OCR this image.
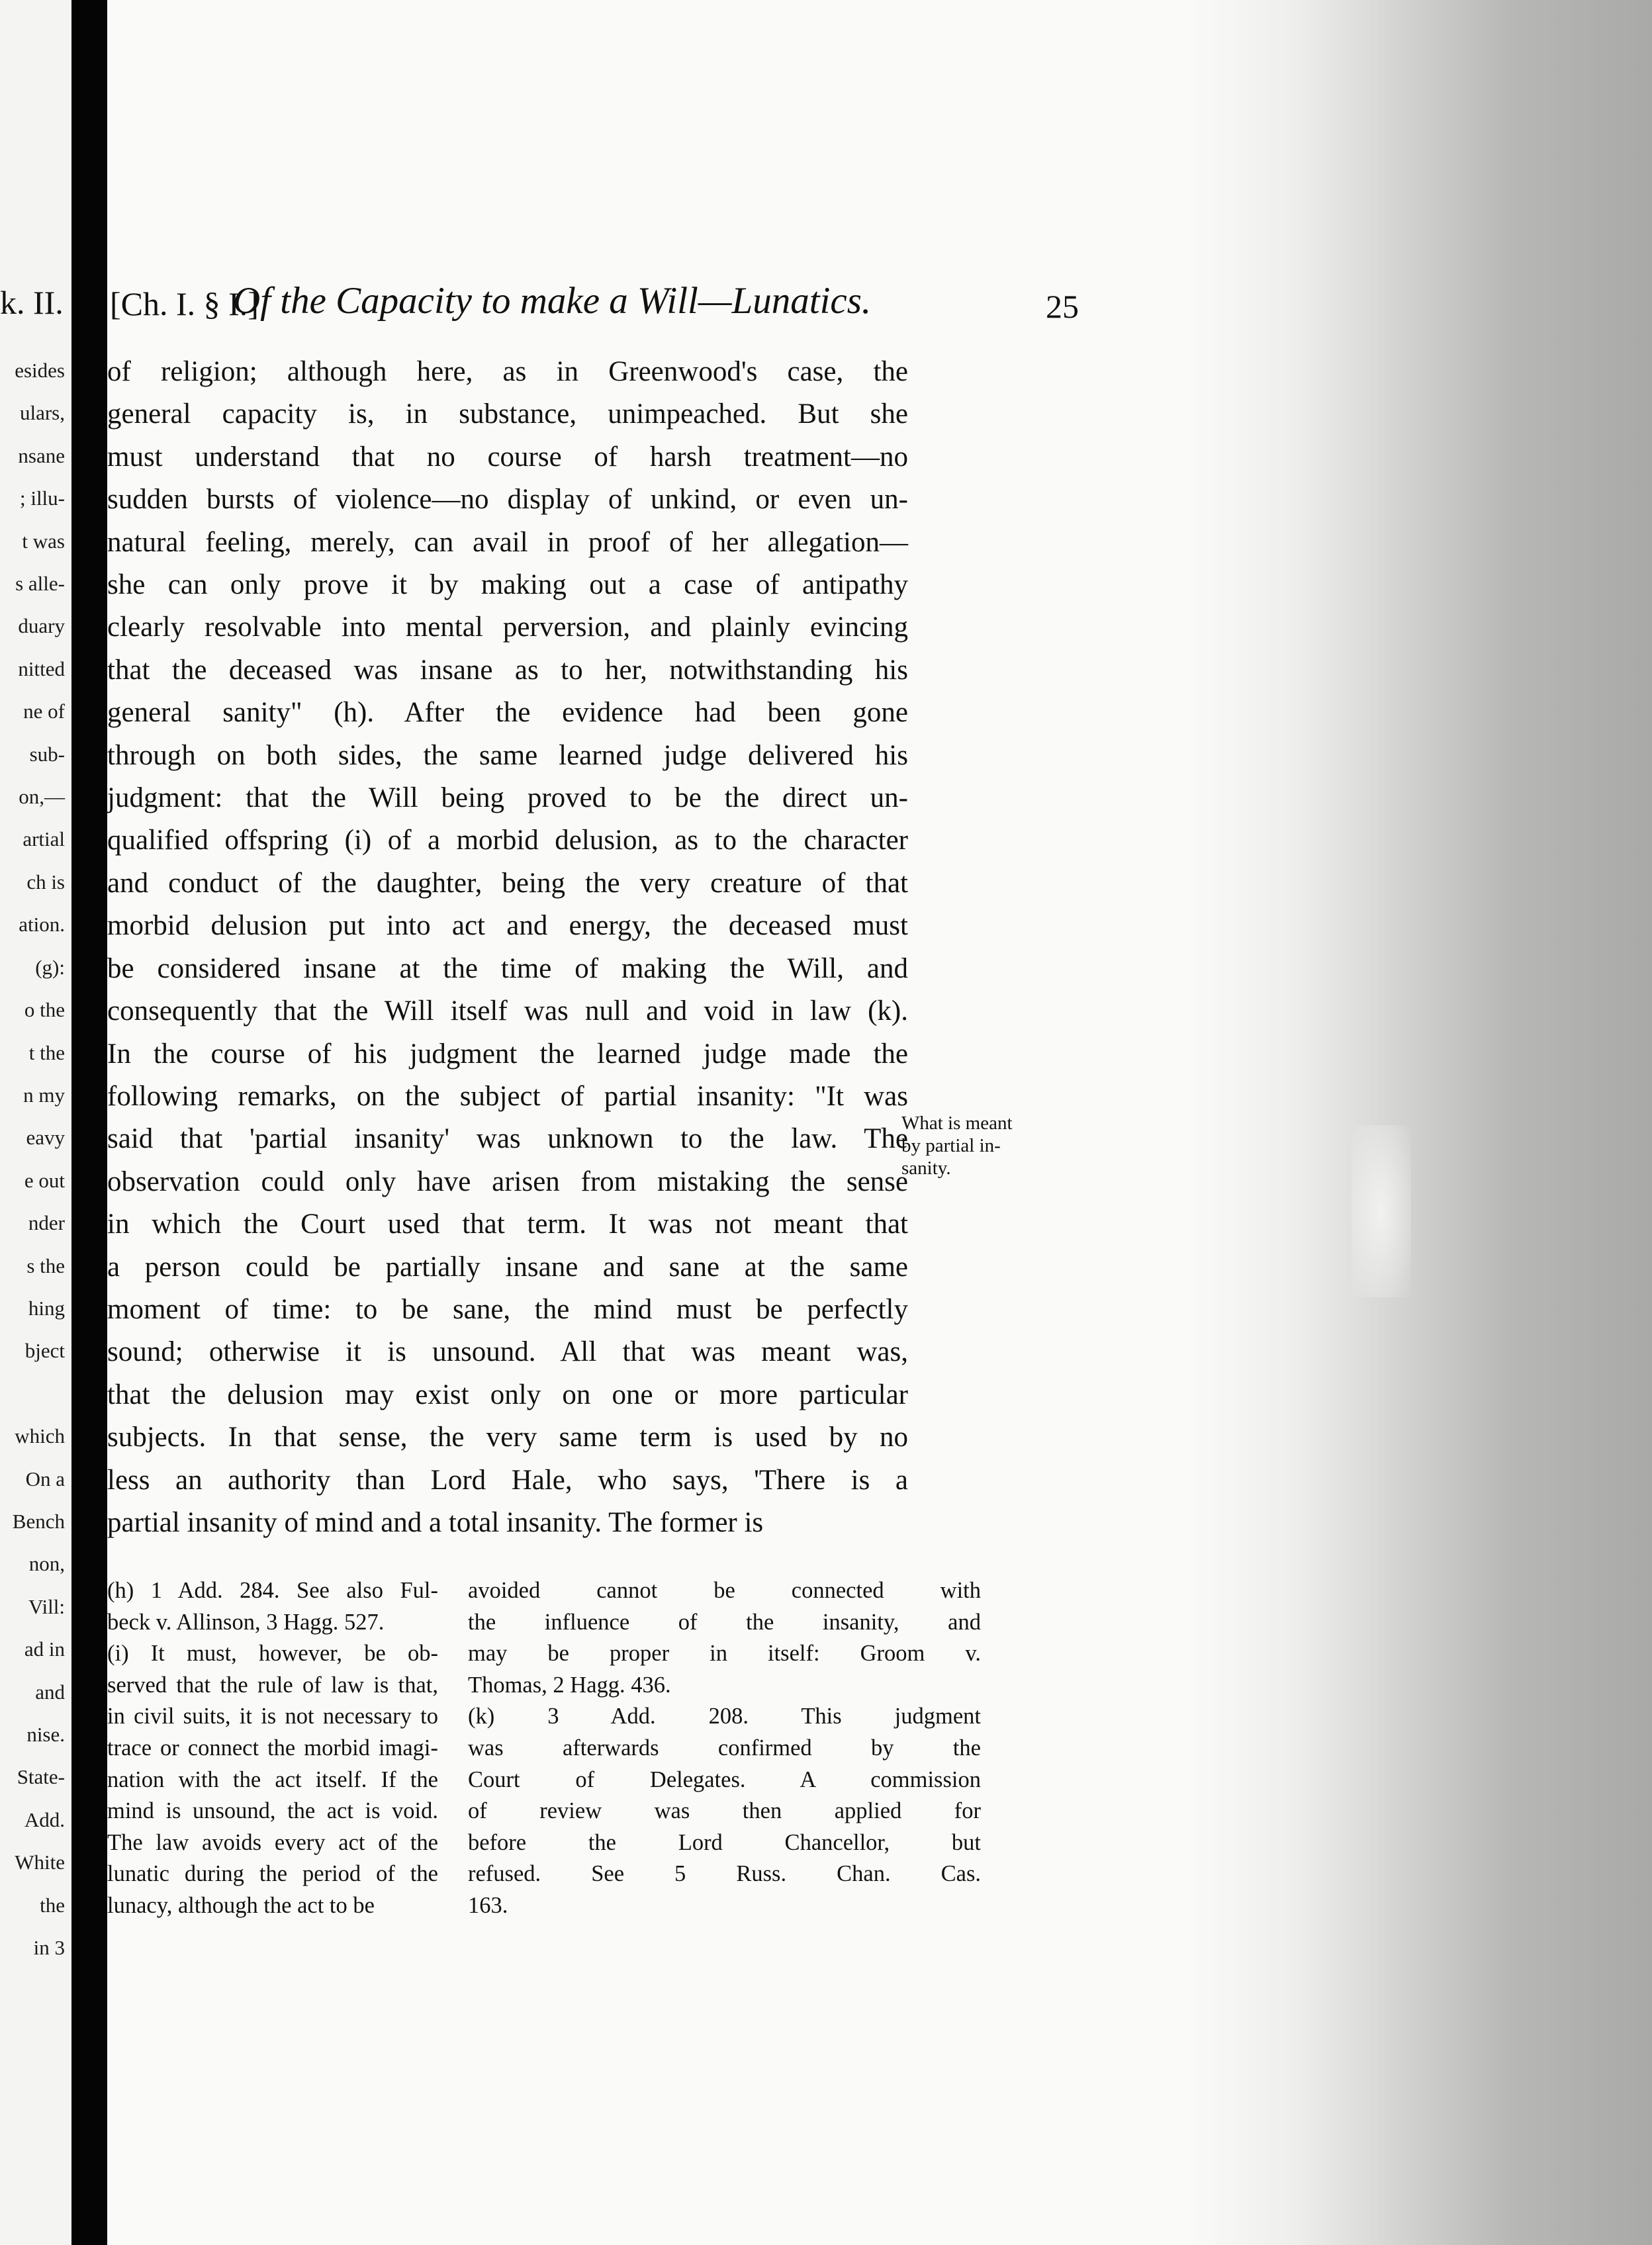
k. II.
esides
ulars,
nsane
; illu-
t was
s alle-
duary
nitted
ne of
sub-
on,—
artial
ch is
ation.
(g):
o the
t the
n my
eavy
e out
nder
s the
hing
bject

which
On a
Bench
non,
Vill:
ad in
and
nise.
State-
Add.
White
the
in 3
[Ch. I. § I.]
Of the Capacity to make a Will—Lunatics.	25
of religion; although here, as in Greenwood's case, the
general capacity is, in substance, unimpeached. But she
must understand that no course of harsh treatment—no
sudden bursts of violence—no display of unkind, or even un-
natural feeling, merely, can avail in proof of her allegation—
she can only prove it by making out a case of antipathy
clearly resolvable into mental perversion, and plainly evincing
that the deceased was insane as to her, notwithstanding his
general sanity" (h). After the evidence had been gone
through on both sides, the same learned judge delivered his
judgment: that the Will being proved to be the direct un-
qualified offspring (i) of a morbid delusion, as to the character
and conduct of the daughter, being the very creature of that
morbid delusion put into act and energy, the deceased must
be considered insane at the time of making the Will, and
consequently that the Will itself was null and void in law (k).
In the course of his judgment the learned judge made the
following remarks, on the subject of partial insanity: "It was
said that 'partial insanity' was unknown to the law. The
observation could only have arisen from mistaking the sense
in which the Court used that term. It was not meant that
a person could be partially insane and sane at the same
moment of time: to be sane, the mind must be perfectly
sound; otherwise it is unsound. All that was meant was,
that the delusion may exist only on one or more particular
subjects. In that sense, the very same term is used by no
less an authority than Lord Hale, who says, 'There is a
partial insanity of mind and a total insanity. The former is
What is meant
by partial in-
sanity.
(h) 1 Add. 284. See also Ful-
beck v. Allinson, 3 Hagg. 527.
(i) It must, however, be ob-
served that the rule of law is that,
in civil suits, it is not necessary to
trace or connect the morbid imagi-
nation with the act itself. If the
mind is unsound, the act is void.
The law avoids every act of the
lunatic during the period of the
lunacy, although the act to be
avoided cannot be connected with
the influence of the insanity, and
may be proper in itself: Groom v.
Thomas, 2 Hagg. 436.
(k) 3 Add. 208. This judgment
was afterwards confirmed by the
Court of Delegates. A commission
of review was then applied for
before the Lord Chancellor, but
refused. See 5 Russ. Chan. Cas.
163.
